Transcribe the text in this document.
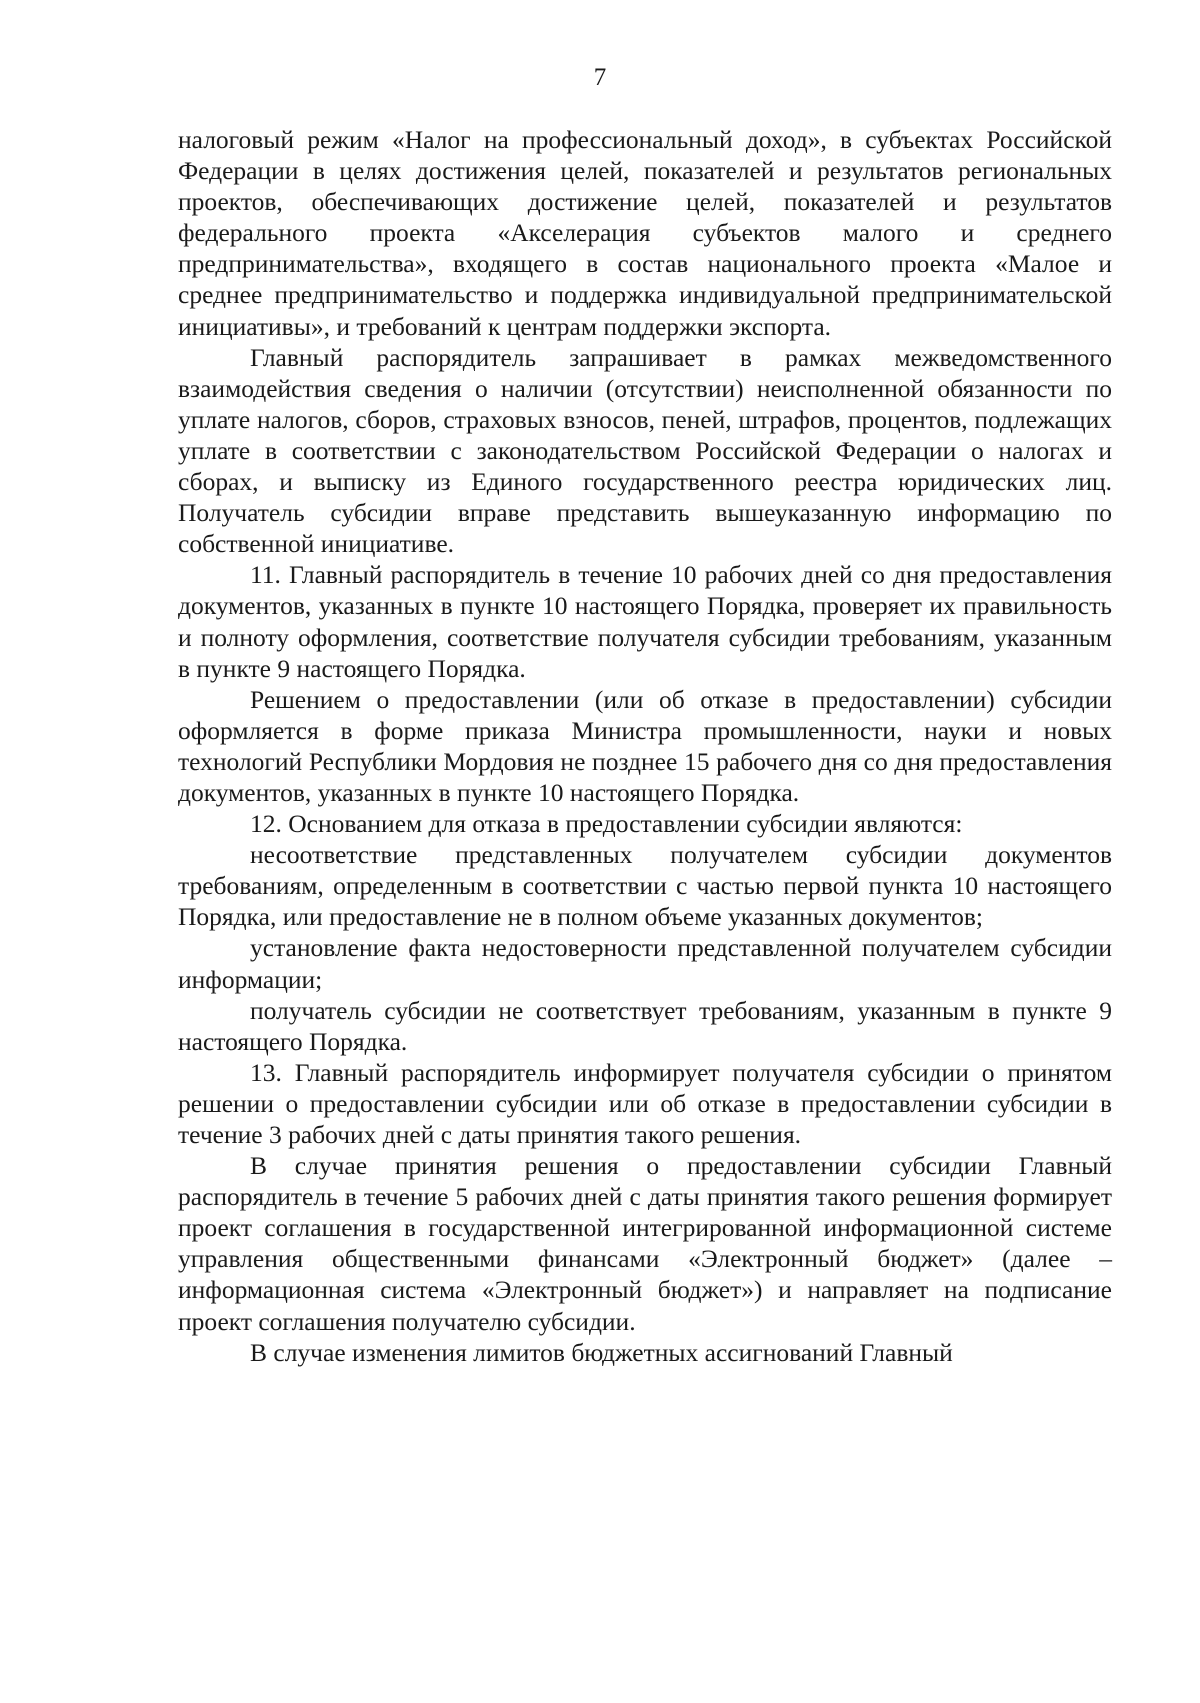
7

налоговый режим «Налог на профессиональный доход», в субъектах Российской Федерации в целях достижения целей, показателей и результатов региональных проектов, обеспечивающих достижение целей, показателей и результатов федерального проекта «Акселерация субъектов малого и среднего предпринимательства», входящего в состав национального проекта «Малое и среднее предпринимательство и поддержка индивидуальной предпринимательской инициативы», и требований к центрам поддержки экспорта.

Главный распорядитель запрашивает в рамках межведомственного взаимодействия сведения о наличии (отсутствии) неисполненной обязанности по уплате налогов, сборов, страховых взносов, пеней, штрафов, процентов, подлежащих уплате в соответствии с законодательством Российской Федерации о налогах и сборах, и выписку из Единого государственного реестра юридических лиц. Получатель субсидии вправе представить вышеуказанную информацию по собственной инициативе.

11. Главный распорядитель в течение 10 рабочих дней со дня предоставления документов, указанных в пункте 10 настоящего Порядка, проверяет их правильность и полноту оформления, соответствие получателя субсидии требованиям, указанным в пункте 9 настоящего Порядка.

Решением о предоставлении (или об отказе в предоставлении) субсидии оформляется в форме приказа Министра промышленности, науки и новых технологий Республики Мордовия не позднее 15 рабочего дня со дня предоставления документов, указанных в пункте 10 настоящего Порядка.

12. Основанием для отказа в предоставлении субсидии являются:

несоответствие представленных получателем субсидии документов требованиям, определенным в соответствии с частью первой пункта 10 настоящего Порядка, или предоставление не в полном объеме указанных документов;

установление факта недостоверности представленной получателем субсидии информации;

получатель субсидии не соответствует требованиям, указанным в пункте 9 настоящего Порядка.

13. Главный распорядитель информирует получателя субсидии о принятом решении о предоставлении субсидии или об отказе в предоставлении субсидии в течение 3 рабочих дней с даты принятия такого решения.

В случае принятия решения о предоставлении субсидии Главный распорядитель в течение 5 рабочих дней с даты принятия такого решения формирует проект соглашения в государственной интегрированной информационной системе управления общественными финансами «Электронный бюджет» (далее – информационная система «Электронный бюджет») и направляет на подписание проект соглашения получателю субсидии.

В случае изменения лимитов бюджетных ассигнований Главный
